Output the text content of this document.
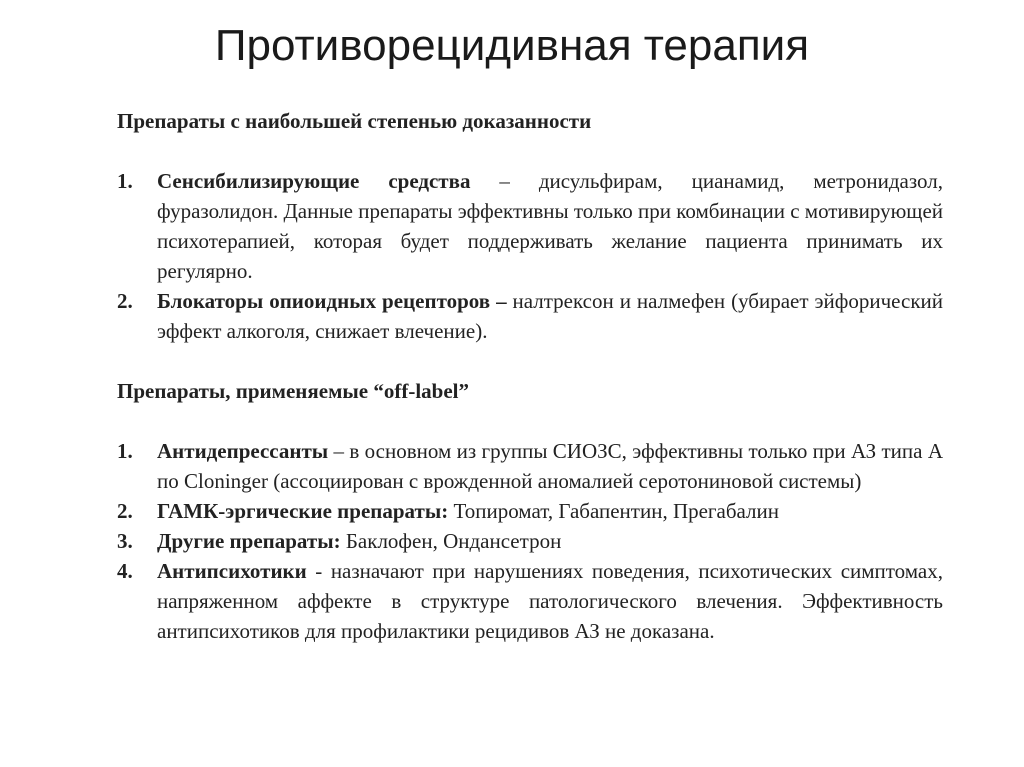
Противорецидивная терапия

Препараты с наибольшей степенью доказанности

1. Сенсибилизирующие средства – дисульфирам, цианамид, метронидазол, фуразолидон. Данные препараты эффективны только при комбинации с мотивирующей психотерапией, которая будет поддерживать желание пациента принимать их регулярно.
2. Блокаторы опиоидных рецепторов – налтрексон и налмефен (убирает эйфорический эффект алкоголя, снижает влечение).

Препараты, применяемые “off-label”

1. Антидепрессанты – в основном из группы СИОЗС, эффективны только при АЗ типа А по Cloninger (ассоциирован с врожденной аномалией серотониновой системы)
2. ГАМК-эргические препараты: Топиромат, Габапентин, Прегабалин
3. Другие препараты: Баклофен, Ондансетрон
4. Антипсихотики - назначают при нарушениях поведения, психотических симптомах, напряженном аффекте в структуре патологического влечения. Эффективность антипсихотиков для профилактики рецидивов АЗ не доказана.
